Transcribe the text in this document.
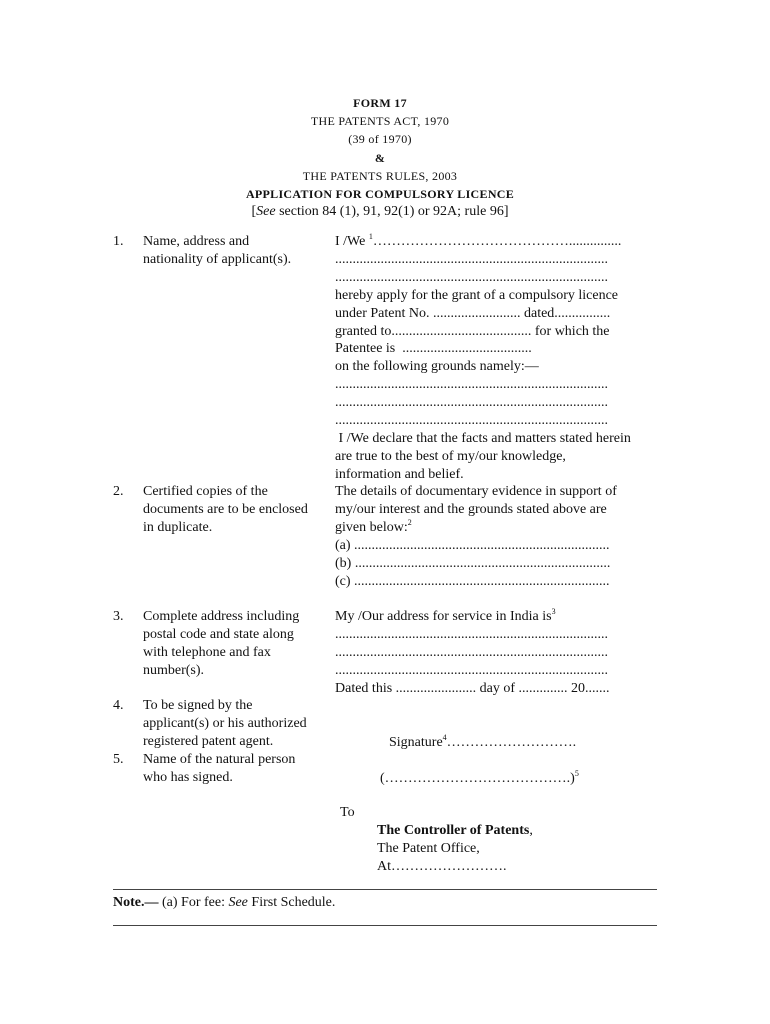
FORM 17
THE PATENTS ACT, 1970
(39 of 1970)
&
THE PATENTS RULES, 2003
APPLICATION FOR COMPULSORY LICENCE
[See section 84 (1), 91, 92(1) or 92A; rule 96]
1. Name, address and
nationality of applicant(s).
I /We $^1$……………………………………...............
..............................................................................
..............................................................................
hereby apply for the grant of a compulsory licence
under Patent No. ......................... dated................
granted to........................................ for which the
Patentee is  .....................................
on the following grounds namely:—
..............................................................................
..............................................................................
..............................................................................
I /We declare that the facts and matters stated herein
are true to the best of my/our knowledge,
information and belief.
2. Certified copies of the
documents are to be enclosed
in duplicate.
The details of documentary evidence in support of
my/our interest and the grounds stated above are
given below:$^2$
(a) .........................................................................
(b) .........................................................................
(c) .........................................................................
3. Complete address including
postal code and state along
with telephone and fax
number(s).
My /Our address for service in India $is^3$
..............................................................................
..............................................................................
..............................................................................
Dated this ....................... day of .............. 20.......
4. To be signed by the
applicant(s) or his authorized
registered patent agent.
5. Name of the natural person
who has signed.
Signature$^4$……………………….
(………………………………….)$^5$
To
The Controller of Patents,
The Patent Office,
At…………………….
Note.— (a) For fee: See First Schedule.
